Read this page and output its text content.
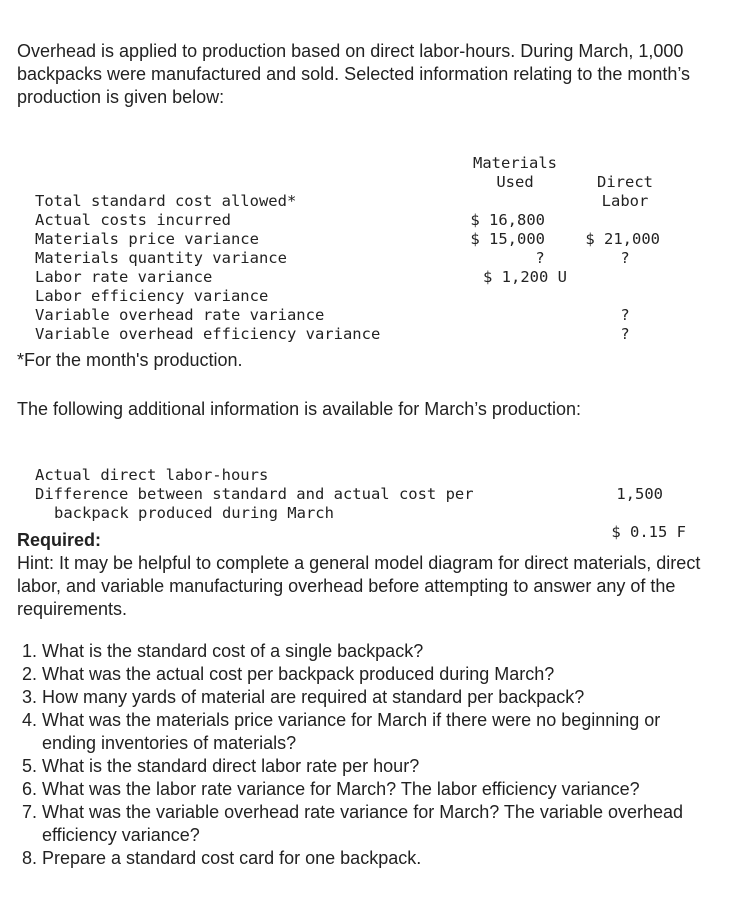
Overhead is applied to production based on direct labor-hours. During March, 1,000 backpacks were manufactured and sold. Selected information relating to the month’s production is given below:

Materials

Direct

Used

Labor

Total standard cost allowed*

$ 16,800

$ 21,000

Actual costs incurred

$ 15,000

?

Materials price variance

?

Materials quantity variance

$ 1,200 U

Labor rate variance

?

Labor efficiency variance

?

Variable overhead rate variance

Variable overhead efficiency variance

*For the month's production.
The following additional information is available for March’s production:

Actual direct labor-hours

1,500

Difference between standard and actual cost per

backpack produced during March

$ 0.15 F

Required:
Hint: It may be helpful to complete a general model diagram for direct materials, direct labor, and variable manufacturing overhead before attempting to answer any of the requirements.
1. What is the standard cost of a single backpack?
2. What was the actual cost per backpack produced during March?
3. How many yards of material are required at standard per backpack?
4. What was the materials price variance for March if there were no beginning or ending inventories of materials?
5. What is the standard direct labor rate per hour?
6. What was the labor rate variance for March? The labor efficiency variance?
7. What was the variable overhead rate variance for March? The variable overhead efficiency variance?
8. Prepare a standard cost card for one backpack.
